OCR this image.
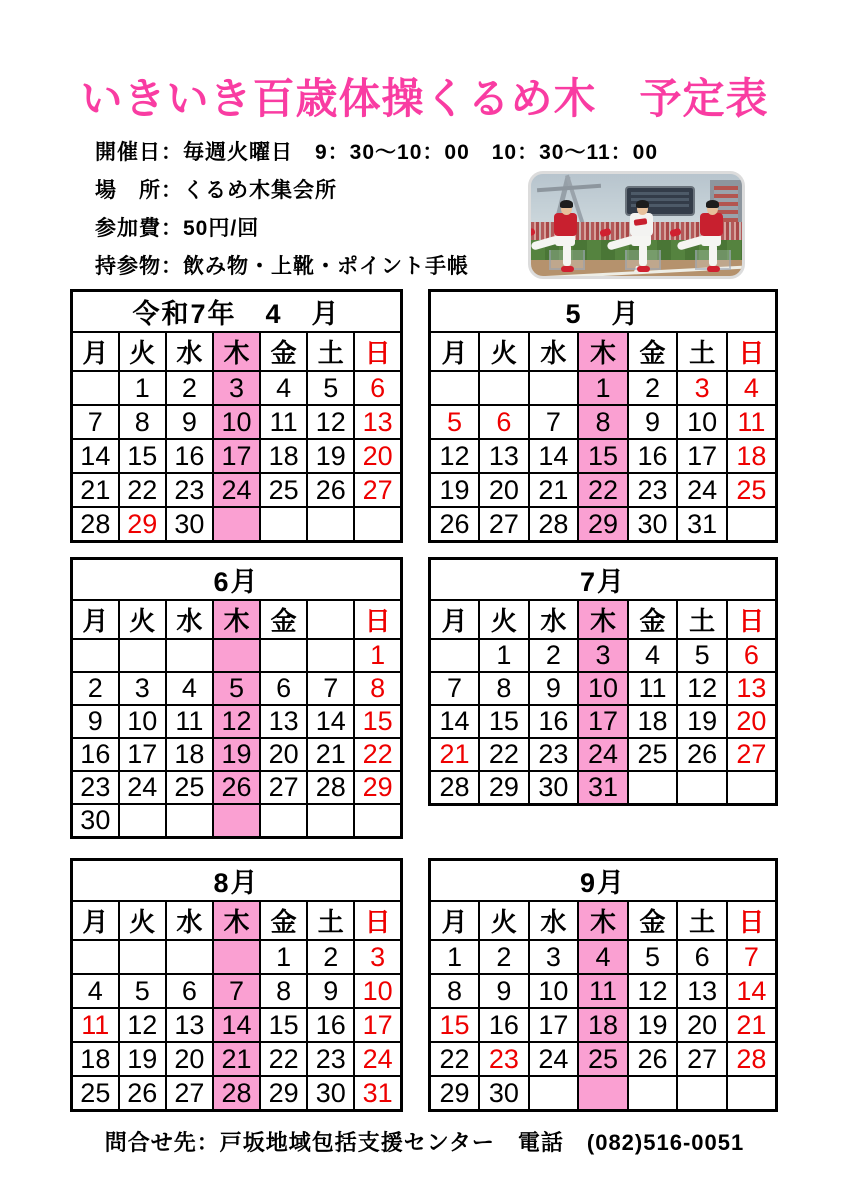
いきいき百歳体操くるめ木　予定表
開催日：毎週火曜日　9：30～10：00　10：30～11：00
場　所：くるめ木集会所
参加費：50円/回
持参物：飲み物・上靴・ポイント手帳
令和7年　4　月						
月	火	水	木	金	土	日
	1	2	3	4	5	6
7	8	9	10	11	12	13
14	15	16	17	18	19	20
21	22	23	24	25	26	27
28	29	30				
5　月						
月	火	水	木	金	土	日
			1	2	3	4
5	6	7	8	9	10	11
12	13	14	15	16	17	18
19	20	21	22	23	24	25
26	27	28	29	30	31	
6月						
月	火	水	木	金		日
						1
2	3	4	5	6	7	8
9	10	11	12	13	14	15
16	17	18	19	20	21	22
23	24	25	26	27	28	29
30						
7月						
月	火	水	木	金	土	日
	1	2	3	4	5	6
7	8	9	10	11	12	13
14	15	16	17	18	19	20
21	22	23	24	25	26	27
28	29	30	31			
8月						
月	火	水	木	金	土	日
				1	2	3
4	5	6	7	8	9	10
11	12	13	14	15	16	17
18	19	20	21	22	23	24
25	26	27	28	29	30	31
9月						
月	火	水	木	金	土	日
1	2	3	4	5	6	7
8	9	10	11	12	13	14
15	16	17	18	19	20	21
22	23	24	25	26	27	28
29	30					
問合せ先：戸坂地域包括支援センター　電話　(082)516-0051
